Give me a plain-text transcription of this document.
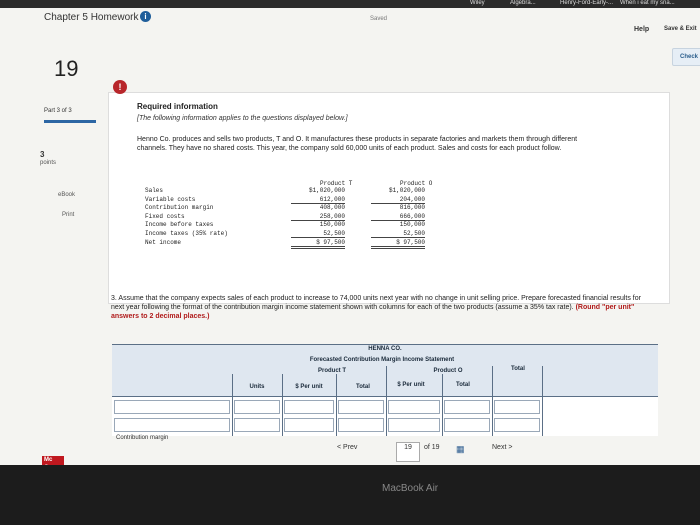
Wiley	Algebra...	Henry-Ford-Early-... When i eat my sna...
Chapter 5 Homework i	Saved
Help Save & Exit
Check
19
Part 3 of 3
3
points
eBook
Print
!
Required information
[The following information applies to the questions displayed below.]
Henno Co. produces and sells two products, T and O. It manufactures these products in separate factories and markets them through different channels. They have no shared costs. This year, the company sold 60,000 units of each product. Sales and costs for each product follow.
Product T	Product O
Sales	$1,020,000	$1,020,000
Variable costs	612,000	204,000
Contribution margin	408,000	816,000
Fixed costs	258,000	666,000
Income before taxes	150,000	150,000
Income taxes (35% rate)	52,500	52,500
Net income	$ 97,500	$ 97,500
3. Assume that the company expects sales of each product to increase to 74,000 units next year with no change in unit selling price. Prepare forecasted financial results for next year following the format of the contribution margin income statement shown with columns for each of the two products (assume a 35% tax rate). (Round "per unit" answers to 2 decimal places.)
HENNA CO.
Forecasted Contribution Margin Income Statement
Product T	Product O	Total
Units	$ Per unit	Total	$ Per unit	Total
Contribution margin
< Prev	19	of 19 ▦	Next >
Mc
MacBook Air
